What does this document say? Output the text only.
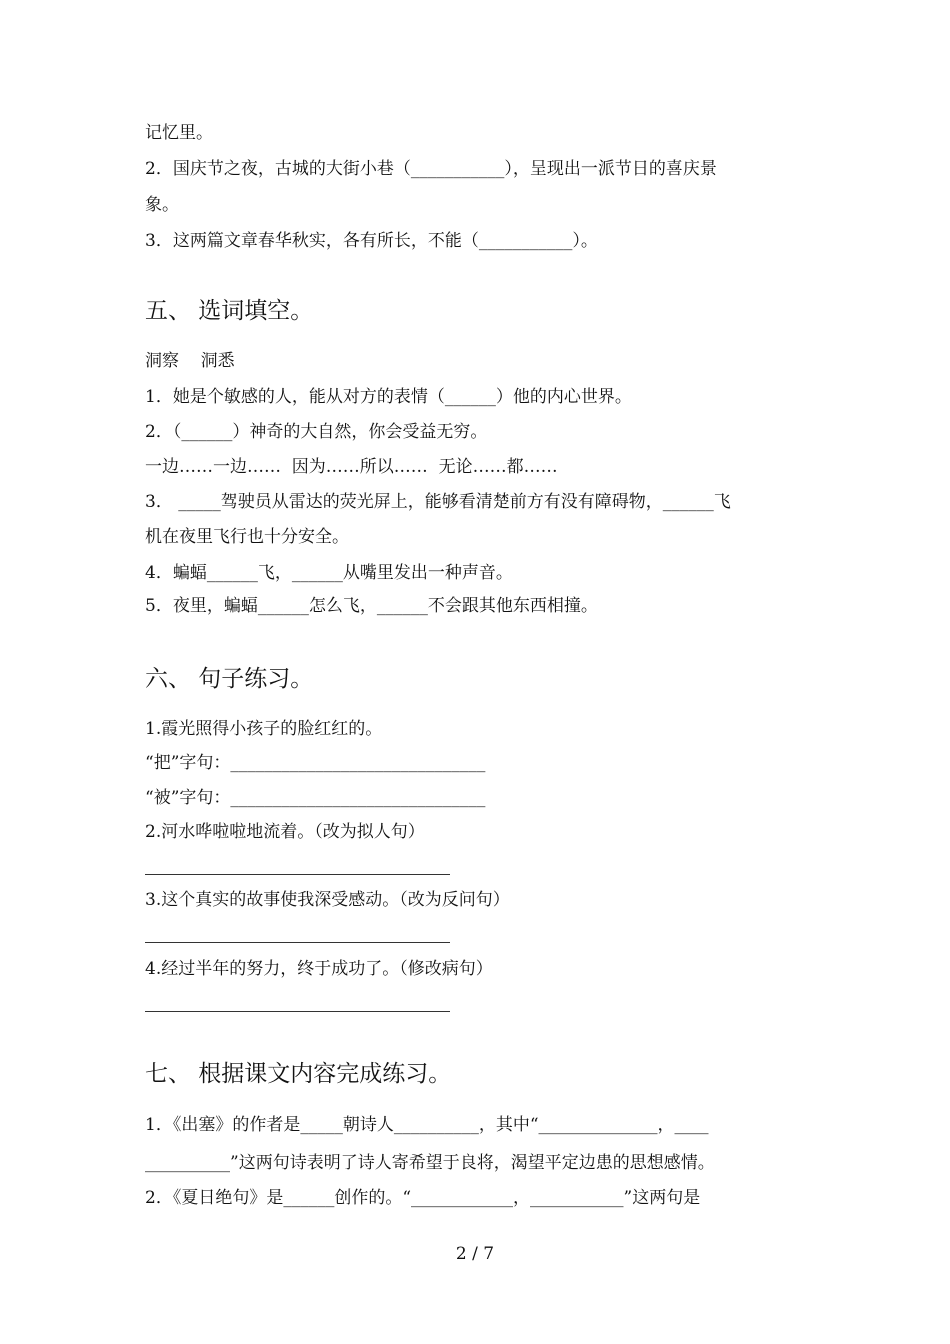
记忆里。
2．国庆节之夜，古城的大街小巷（___________），呈现出一派节日的喜庆景
象。
3．这两篇文章春华秋实，各有所长，不能（___________）。
五、 选词填空。
洞察    洞悉
1．她是个敏感的人，能从对方的表情（______）他的内心世界。
2．（______）神奇的大自然，你会受益无穷。
一边……一边……  因为……所以……  无论……都……
3． _____驾驶员从雷达的荧光屏上，能够看清楚前方有没有障碍物，______飞
机在夜里飞行也十分安全。
4．蝙蝠______飞，______从嘴里发出一种声音。
5．夜里，蝙蝠______怎么飞，______不会跟其他东西相撞。
六、 句子练习。
1.霞光照得小孩子的脸红红的。
“把”字句：______________________________
“被”字句：______________________________
2.河水哗啦啦地流着。（改为拟人句）
3.这个真实的故事使我深受感动。（改为反问句）
4.经过半年的努力，终于成功了。（修改病句）
七、 根据课文内容完成练习。
1．《出塞》的作者是_____朝诗人__________，其中“______________，____
__________”这两句诗表明了诗人寄希望于良将，渴望平定边患的思想感情。
2．《夏日绝句》是______创作的。“____________，___________”这两句是
2 / 7
